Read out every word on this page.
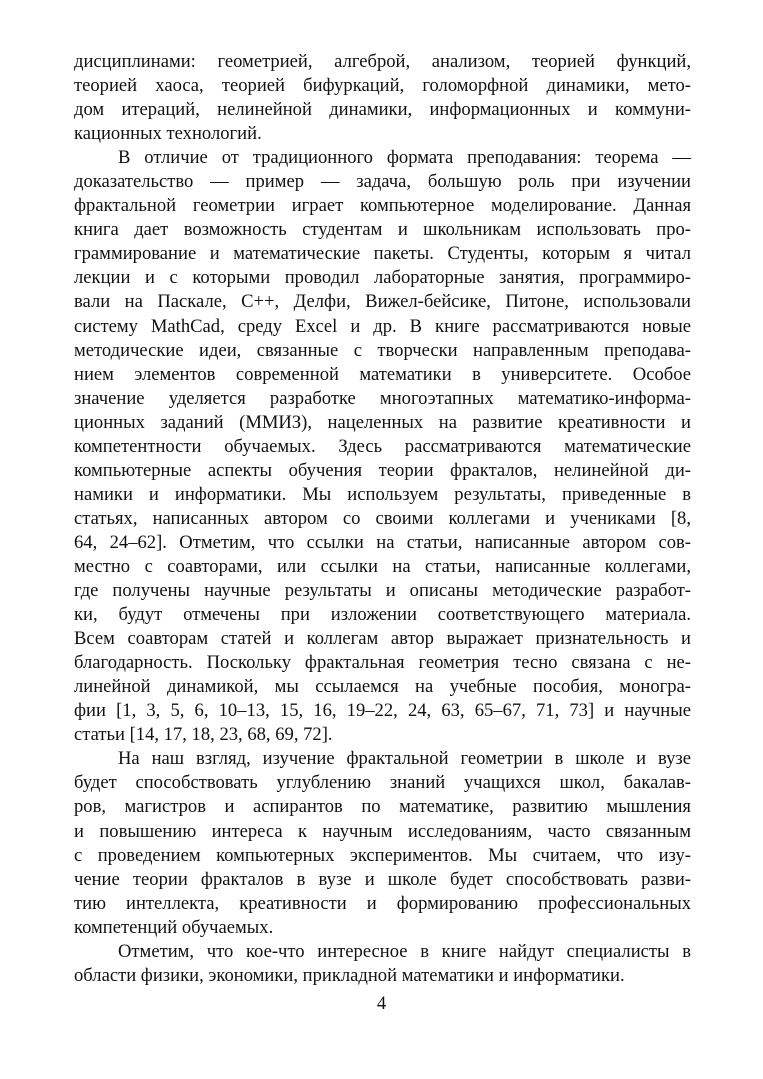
дисциплинами: геометрией, алгеброй, анализом, теорией функций,
теорией хаоса, теорией бифуркаций, голоморфной динамики, мето-
дом итераций, нелинейной динамики, информационных и коммуни-
кационных технологий.
В отличие от традиционного формата преподавания: теорема —
доказательство — пример — задача, большую роль при изучении
фрактальной геометрии играет компьютерное моделирование. Данная
книга дает возможность студентам и школьникам использовать про-
граммирование и математические пакеты. Студенты, которым я читал
лекции и с которыми проводил лабораторные занятия, программиро-
вали на Паскале, C++, Делфи, Вижел-бейсике, Питоне, использовали
систему MathCad, среду Excel и др. В книге рассматриваются новые
методические идеи, связанные с творчески направленным преподава-
нием элементов современной математики в университете. Особое
значение уделяется разработке многоэтапных математико-информа-
ционных заданий (ММИЗ), нацеленных на развитие креативности и
компетентности обучаемых. Здесь рассматриваются математические
компьютерные аспекты обучения теории фракталов, нелинейной ди-
намики и информатики. Мы используем результаты, приведенные в
статьях, написанных автором со своими коллегами и учениками [8,
64, 24–62]. Отметим, что ссылки на статьи, написанные автором сов-
местно с соавторами, или ссылки на статьи, написанные коллегами,
где получены научные результаты и описаны методические разработ-
ки, будут отмечены при изложении соответствующего материала.
Всем соавторам статей и коллегам автор выражает признательность и
благодарность. Поскольку фрактальная геометрия тесно связана с не-
линейной динамикой, мы ссылаемся на учебные пособия, моногра-
фии [1, 3, 5, 6, 10–13, 15, 16, 19–22, 24, 63, 65–67, 71, 73] и научные
статьи [14, 17, 18, 23, 68, 69, 72].
На наш взгляд, изучение фрактальной геометрии в школе и вузе
будет способствовать углублению знаний учащихся школ, бакалав-
ров, магистров и аспирантов по математике, развитию мышления
и повышению интереса к научным исследованиям, часто связанным
с проведением компьютерных экспериментов. Мы считаем, что изу-
чение теории фракталов в вузе и школе будет способствовать разви-
тию интеллекта, креативности и формированию профессиональных
компетенций обучаемых.
Отметим, что кое-что интересное в книге найдут специалисты в
области физики, экономики, прикладной математики и информатики.
4
